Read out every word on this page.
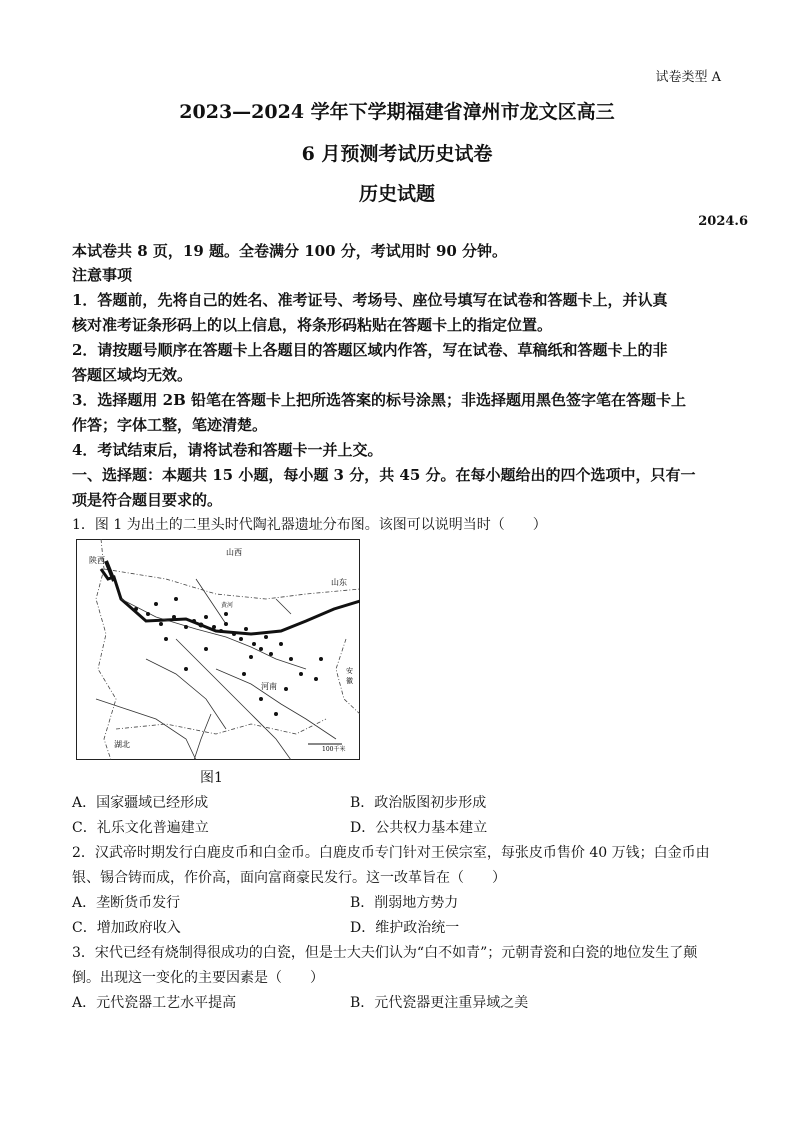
试卷类型 A
2023—2024 学年下学期福建省漳州市龙文区高三
6 月预测考试历史试卷
历史试题
2024.6
本试卷共 8 页，19 题。全卷满分 100 分，考试用时 90 分钟。
注意事项
1．答题前，先将自己的姓名、准考证号、考场号、座位号填写在试卷和答题卡上，并认真
核对准考证条形码上的以上信息，将条形码粘贴在答题卡上的指定位置。
2．请按题号顺序在答题卡上各题目的答题区域内作答，写在试卷、草稿纸和答题卡上的非
答题区域均无效。
3．选择题用 2B 铅笔在答题卡上把所选答案的标号涂黑；非选择题用黑色签字笔在答题卡上
作答；字体工整，笔迹清楚。
4．考试结束后，请将试卷和答题卡一并上交。
一、选择题：本题共 15 小题，每小题 3 分，共 45 分。在每小题给出的四个选项中，只有一
项是符合题目要求的。
1．图 1 为出土的二里头时代陶礼器遗址分布图。该图可以说明当时（　　）
陕西
山西
山东
安
徽
河南
湖北
黄河
100千米
图1
A．国家疆域已经形成	B．政治版图初步形成
C．礼乐文化普遍建立	D．公共权力基本建立
2．汉武帝时期发行白鹿皮币和白金币。白鹿皮币专门针对王侯宗室，每张皮币售价 40 万钱；白金币由
银、锡合铸而成，作价高，面向富商豪民发行。这一改革旨在（　　）
A．垄断货币发行	B．削弱地方势力
C．增加政府收入	D．维护政治统一
3．宋代已经有烧制得很成功的白瓷，但是士大夫们认为“白不如青”；元朝青瓷和白瓷的地位发生了颠
倒。出现这一变化的主要因素是（　　）
A．元代瓷器工艺水平提高	B．元代瓷器更注重异域之美
